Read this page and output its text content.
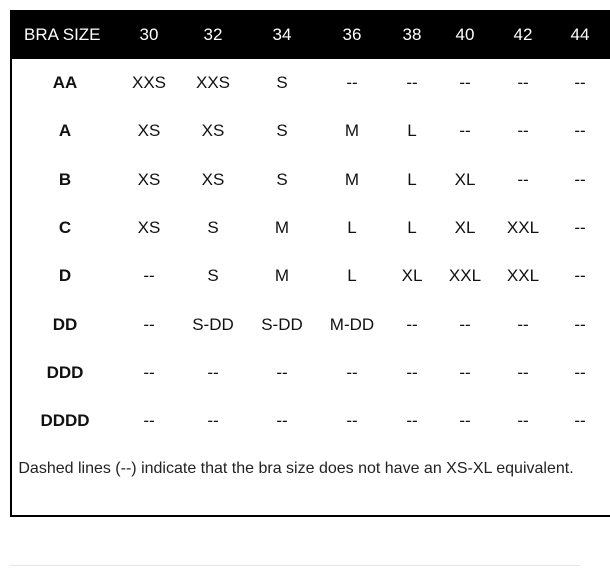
BRA SIZE 30	32	34	36 38 40 42 44
AA	XXS XXS	S	--	-- --	--	--
A	XS XS	S	M	L	--	--	--
B	XS XS	S	M	L XL --	--
C	XS	S	M	L	L XL XXL --
D	--	S	M	L	XL XXL XXL --
DD	-- S-DD S-DD M-DD -- --	--	--
DDD	--	--	--	--	-- --	--	--
DDDD	--	--	--	--	-- --	--	--
Dashed lines (--) indicate that the bra size does not have an XS-XL equivalent.
